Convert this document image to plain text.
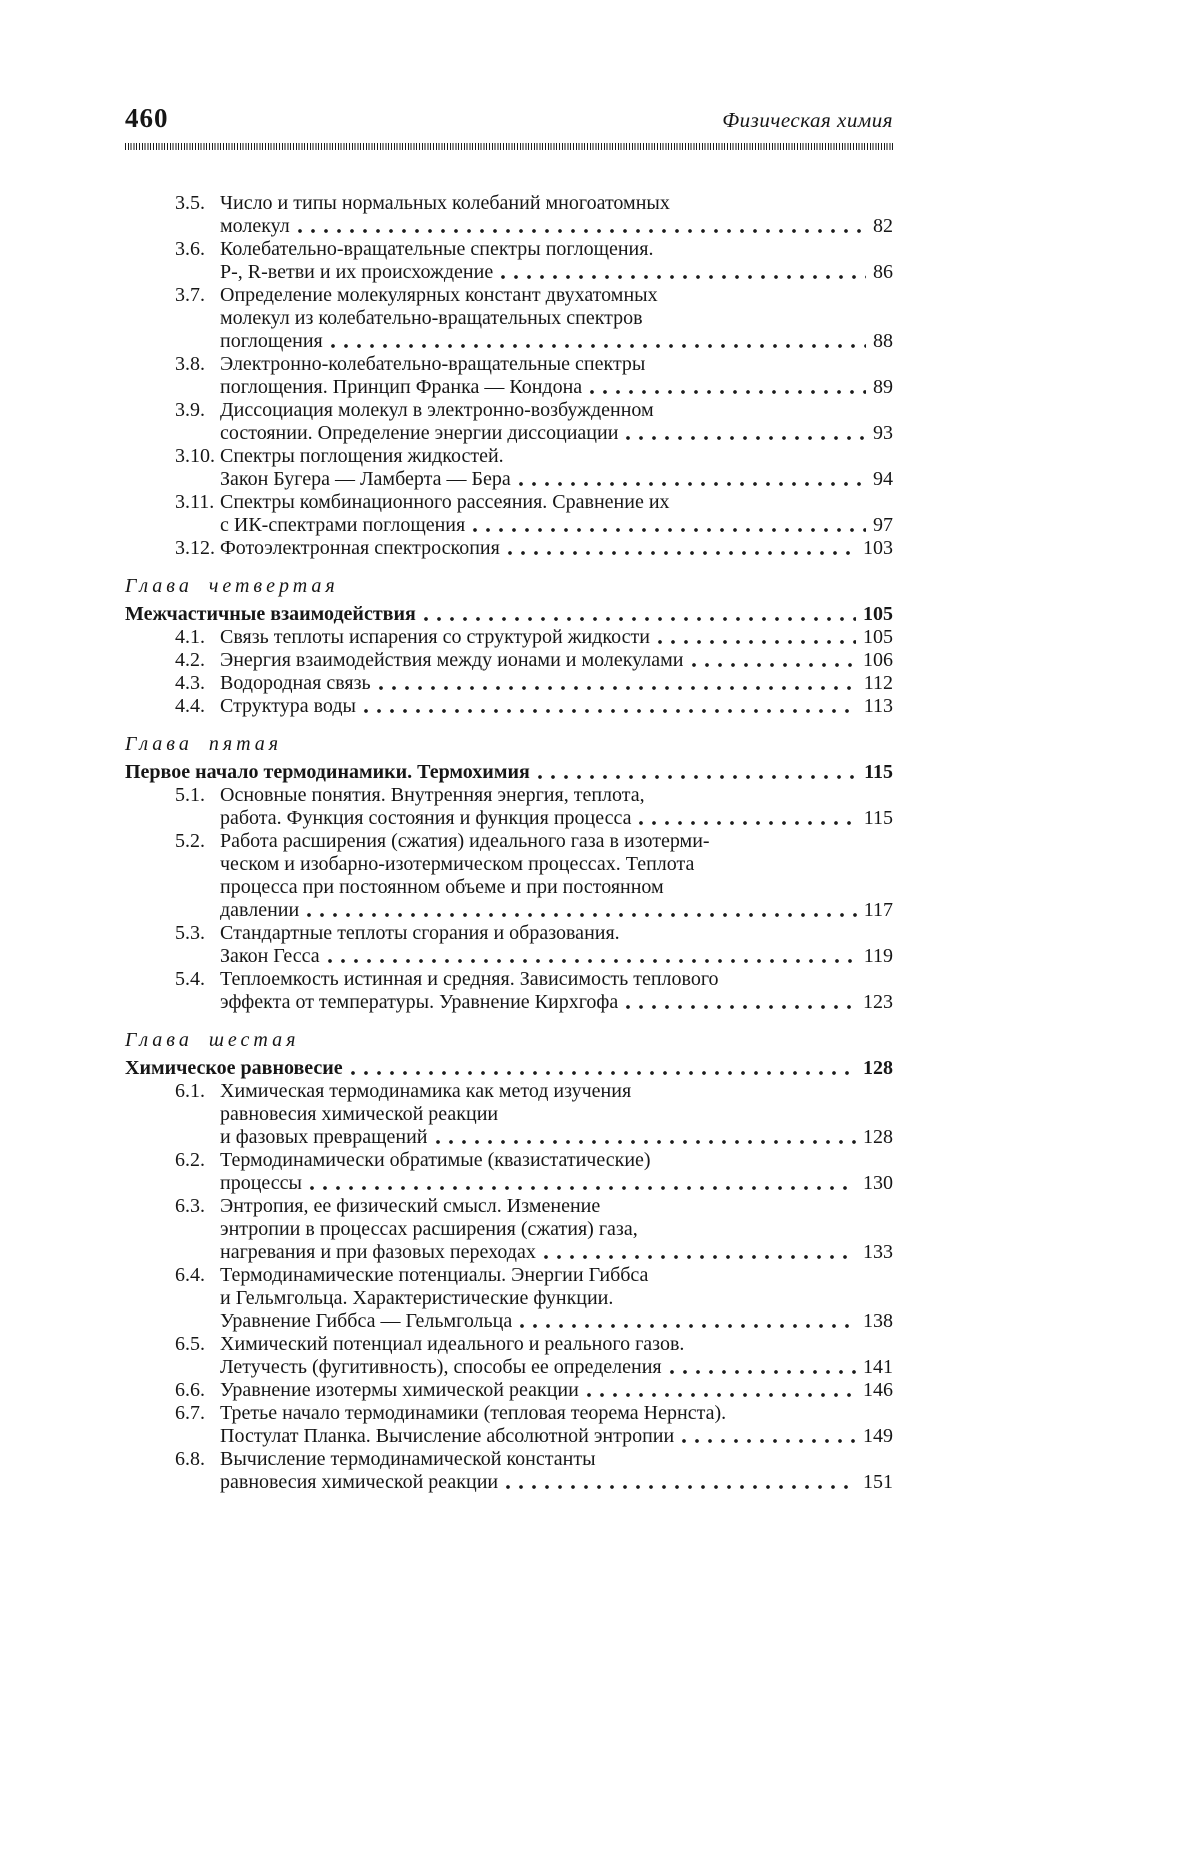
460	Физическая химия
3.5. Число и типы нормальных колебаний многоатомных
молекул	82
3.6. Колебательно-вращательные спектры поглощения.
P-, R-ветви и их происхождение	86
3.7. Определение молекулярных констант двухатомных
молекул из колебательно-вращательных спектров
поглощения	88
3.8. Электронно-колебательно-вращательные спектры
поглощения. Принцип Франка — Кондона	89
3.9. Диссоциация молекул в электронно-возбужденном
состоянии. Определение энергии диссоциации	93
3.10. Спектры поглощения жидкостей.
Закон Бугера — Ламберта — Бера	94
3.11. Спектры комбинационного рассеяния. Сравнение их
с ИК-спектрами поглощения	97
3.12. Фотоэлектронная спектроскопия	103
Глава четвертая
Межчастичные взаимодействия	105
4.1. Связь теплоты испарения со структурой жидкости	105
4.2. Энергия взаимодействия между ионами и молекулами	106
4.3. Водородная связь	112
4.4. Структура воды	113
Глава пятая
Первое начало термодинамики. Термохимия	115
5.1. Основные понятия. Внутренняя энергия, теплота,
работа. Функция состояния и функция процесса	115
5.2. Работа расширения (сжатия) идеального газа в изотерми-
ческом и изобарно-изотермическом процессах. Теплота
процесса при постоянном объеме и при постоянном
давлении	117
5.3. Стандартные теплоты сгорания и образования.
Закон Гесса	119
5.4. Теплоемкость истинная и средняя. Зависимость теплового
эффекта от температуры. Уравнение Кирхгофа	123
Глава шестая
Химическое равновесие	128
6.1. Химическая термодинамика как метод изучения
равновесия химической реакции
и фазовых превращений	128
6.2. Термодинамически обратимые (квазистатические)
процессы	130
6.3. Энтропия, ее физический смысл. Изменение
энтропии в процессах расширения (сжатия) газа,
нагревания и при фазовых переходах	133
6.4. Термодинамические потенциалы. Энергии Гиббса
и Гельмгольца. Характеристические функции.
Уравнение Гиббса — Гельмгольца	138
6.5. Химический потенциал идеального и реального газов.
Летучесть (фугитивность), способы ее определения	141
6.6. Уравнение изотермы химической реакции	146
6.7. Третье начало термодинамики (тепловая теорема Нернста).
Постулат Планка. Вычисление абсолютной энтропии	149
6.8. Вычисление термодинамической константы
равновесия химической реакции	151
